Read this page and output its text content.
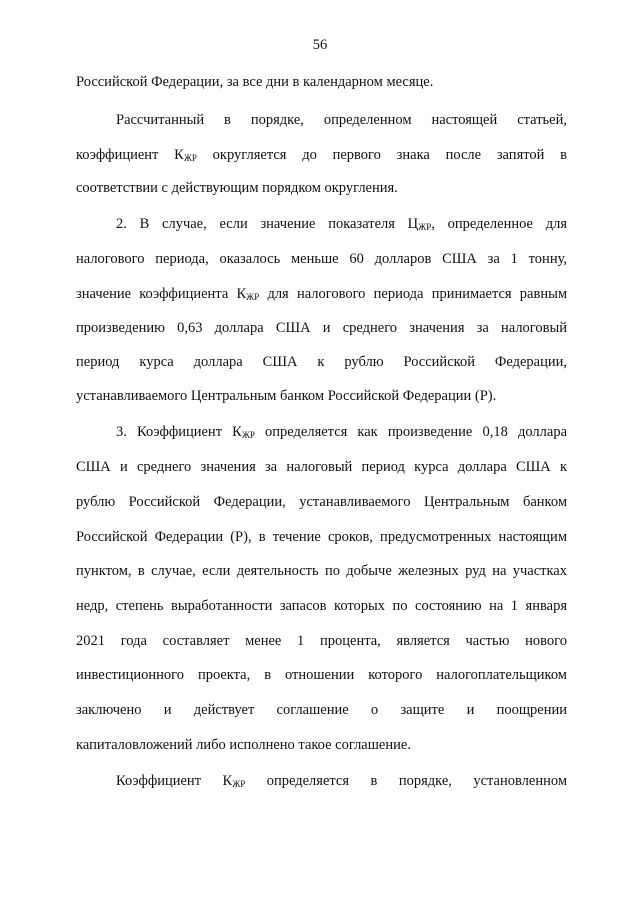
56
Российской Федерации, за все дни в календарном месяце.
Рассчитанный в порядке, определенном настоящей статьей,
коэффициент $К_{ЖР}$ округляется до первого знака после запятой в
соответствии с действующим порядком округления.
2. В случае, если значение показателя $Ц_{ЖР}$, определенное для
налогового периода, оказалось меньше 60 долларов США за 1 тонну,
значение коэффициента $К_{ЖР}$ для налогового периода принимается равным
произведению 0,63 доллара США и среднего значения за налоговый
период курса доллара США к рублю Российской Федерации,
устанавливаемого Центральным банком Российской Федерации (Р).
3. Коэффициент $К_{ЖР}$ определяется как произведение 0,18 доллара
США и среднего значения за налоговый период курса доллара США к
рублю Российской Федерации, устанавливаемого Центральным банком
Российской Федерации (Р), в течение сроков, предусмотренных настоящим
пунктом, в случае, если деятельность по добыче железных руд на участках
недр, степень выработанности запасов которых по состоянию на 1 января
2021 года составляет менее 1 процента, является частью нового
инвестиционного проекта, в отношении которого налогоплательщиком
заключено и действует соглашение о защите и поощрении
капиталовложений либо исполнено такое соглашение.
Коэффициент $К_{ЖР}$ определяется в порядке, установленном
